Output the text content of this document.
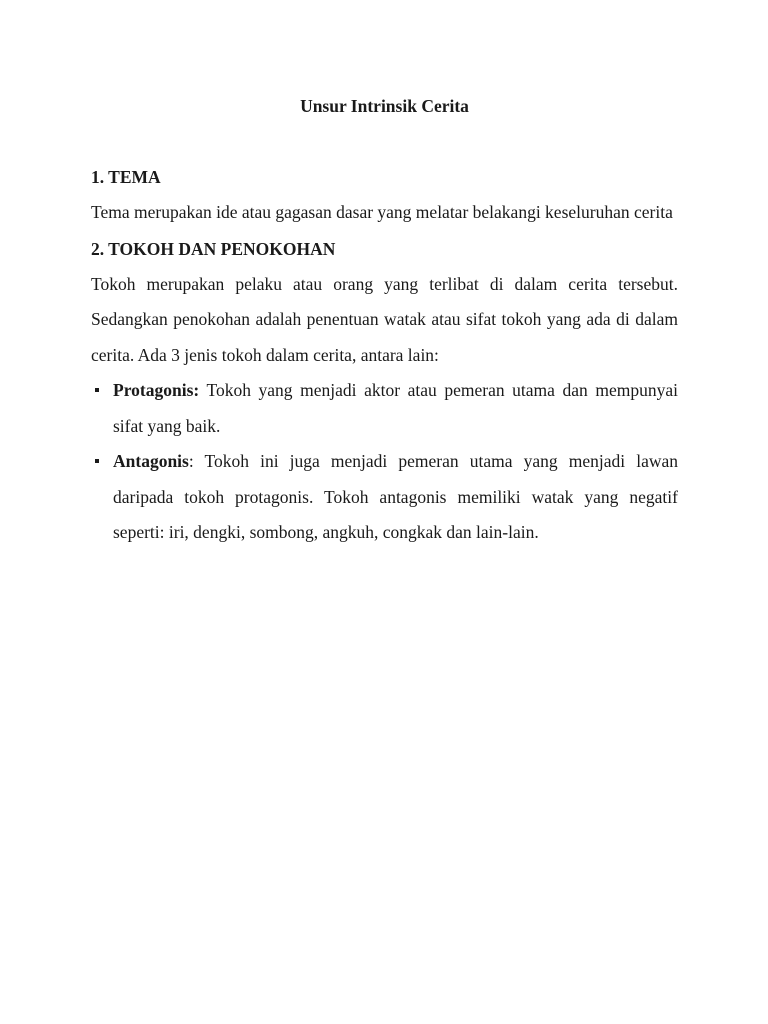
Unsur Intrinsik Cerita
1. TEMA

Tema merupakan ide atau gagasan dasar yang melatar belakangi keseluruhan cerita

2. TOKOH DAN PENOKOHAN

Tokoh merupakan pelaku atau orang yang terlibat di dalam cerita tersebut. Sedangkan penokohan adalah penentuan watak atau sifat tokoh yang ada di dalam cerita. Ada 3 jenis tokoh dalam cerita, antara lain:

Protagonis: Tokoh yang menjadi aktor atau pemeran utama dan mempunyai sifat yang baik.
Antagonis: Tokoh ini juga menjadi pemeran utama yang menjadi lawan daripada tokoh protagonis. Tokoh antagonis memiliki watak yang negatif seperti: iri, dengki, sombong, angkuh, congkak dan lain-lain.
